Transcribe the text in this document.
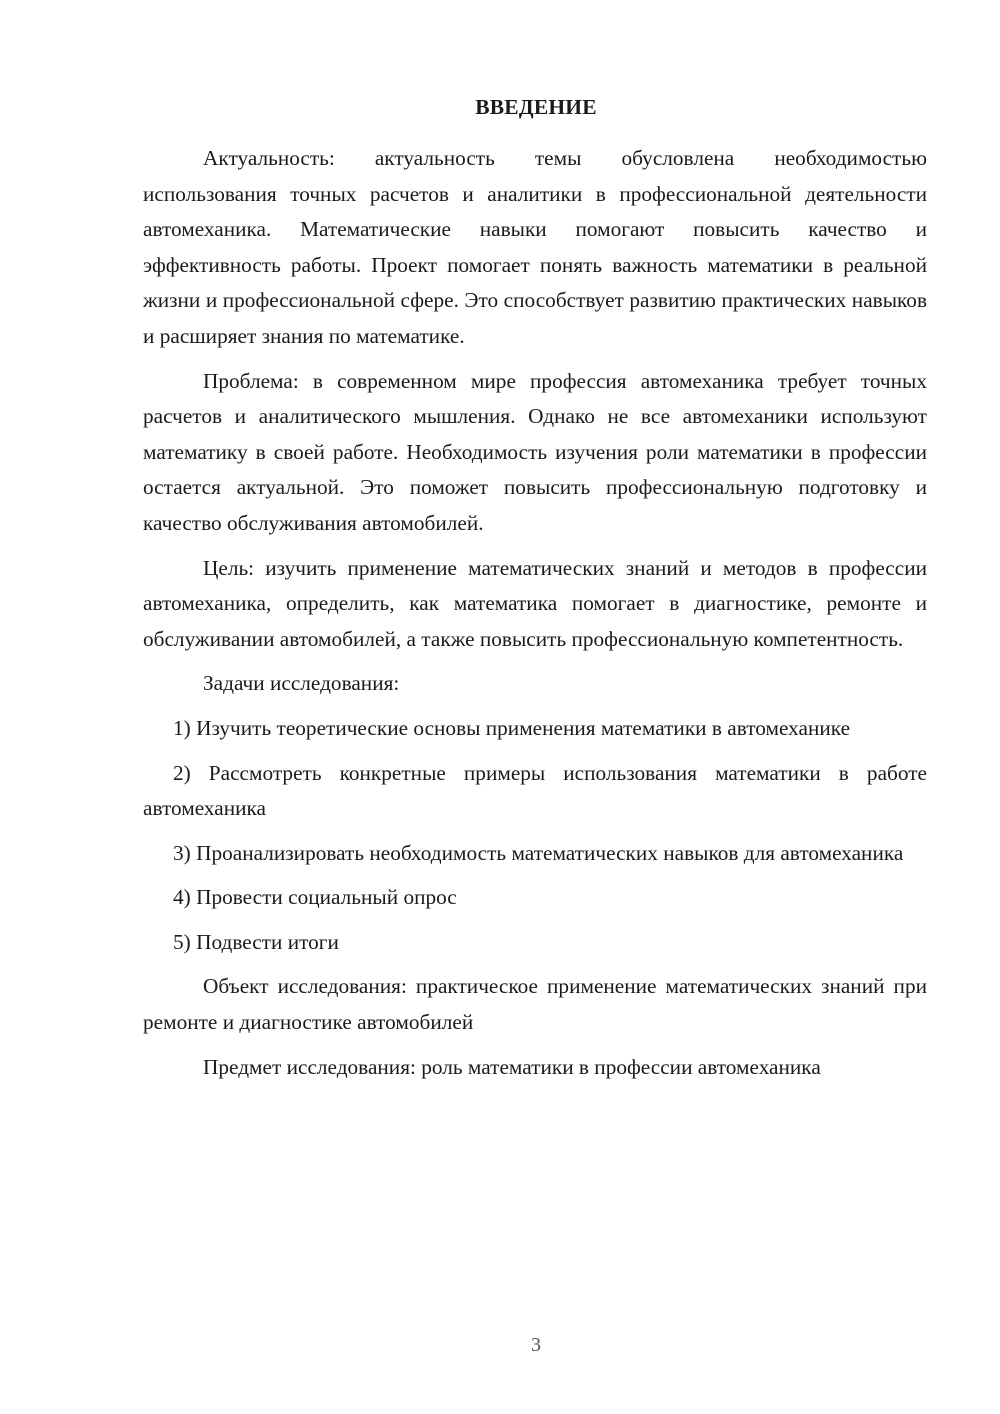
ВВЕДЕНИЕ

Актуальность: актуальность темы обусловлена необходимостью использования точных расчетов и аналитики в профессиональной деятельности автомеханика. Математические навыки помогают повысить качество и эффективность работы. Проект помогает понять важность математики в реальной жизни и профессиональной сфере. Это способствует развитию практических навыков и расширяет знания по математике.

Проблема: в современном мире профессия автомеханика требует точных расчетов и аналитического мышления. Однако не все автомеханики используют математику в своей работе. Необходимость изучения роли математики в профессии остается актуальной. Это поможет повысить профессиональную подготовку и качество обслуживания автомобилей.

Цель: изучить применение математических знаний и методов в профессии автомеханика, определить, как математика помогает в диагностике, ремонте и обслуживании автомобилей, а также повысить профессиональную компетентность.

Задачи исследования:

1) Изучить теоретические основы применения математики в автомеханике

2) Рассмотреть конкретные примеры использования математики в работе автомеханика

3) Проанализировать необходимость математических навыков для автомеханика

4) Провести социальный опрос

5) Подвести итоги

Объект исследования: практическое применение математических знаний при ремонте и диагностике автомобилей

Предмет исследования: роль математики в профессии автомеханика

3
